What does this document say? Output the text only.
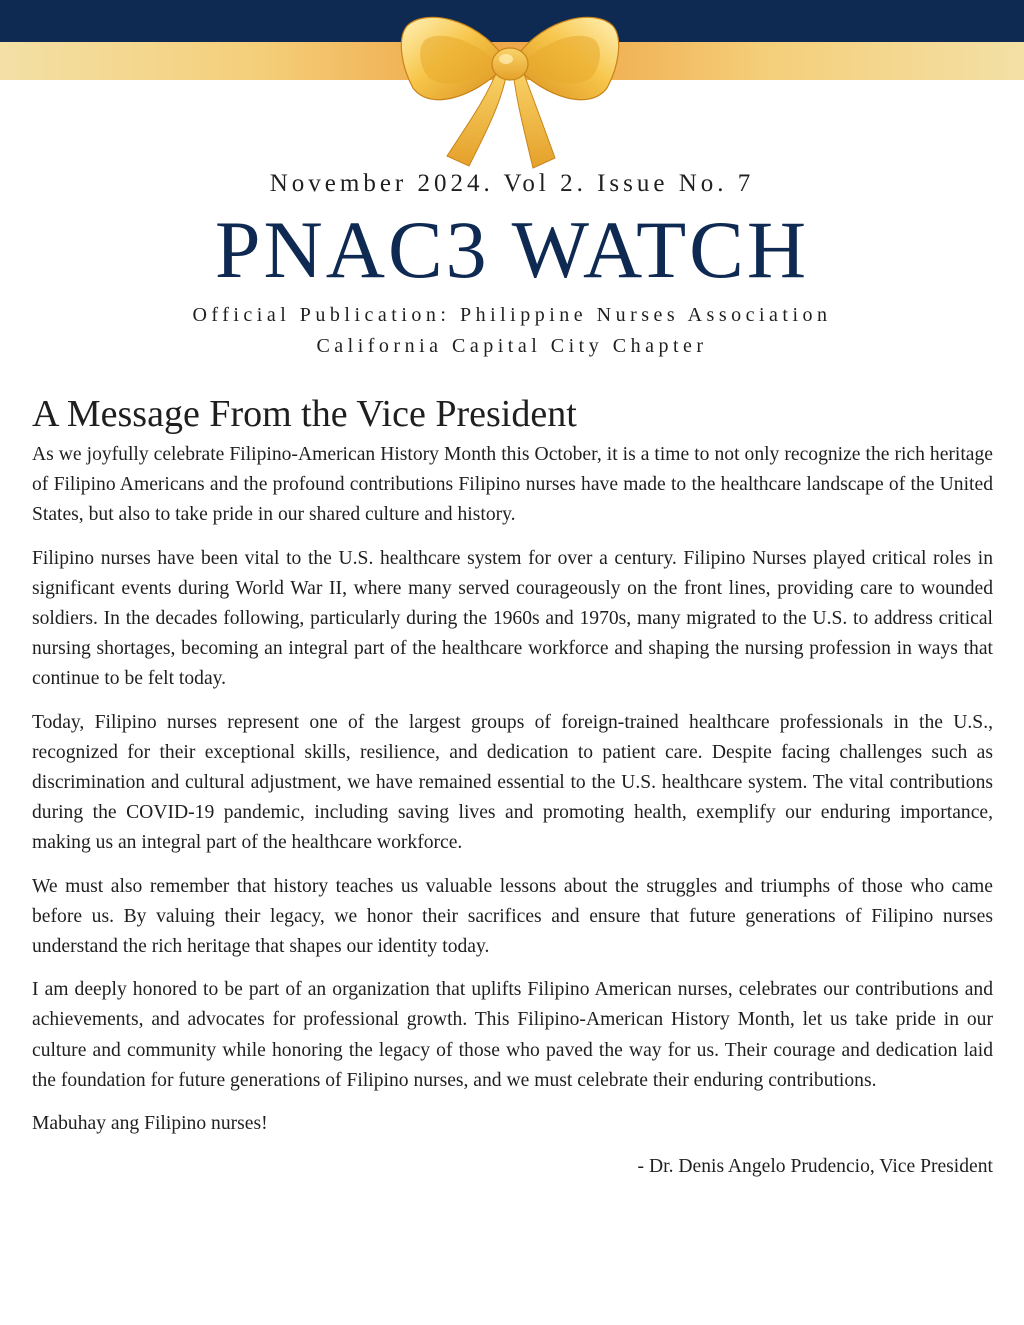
November 2024. Vol 2. Issue No. 7

PNAC3 WATCH

Official Publication: Philippine Nurses Association

California Capital City Chapter

A Message From the Vice President

As we joyfully celebrate Filipino-American History Month this October, it is a time to not only recognize the rich heritage of Filipino Americans and the profound contributions Filipino nurses have made to the healthcare landscape of the United States, but also to take pride in our shared culture and history.

Filipino nurses have been vital to the U.S. healthcare system for over a century. Filipino Nurses played critical roles in significant events during World War II, where many served courageously on the front lines, providing care to wounded soldiers. In the decades following, particularly during the 1960s and 1970s, many migrated to the U.S. to address critical nursing shortages, becoming an integral part of the healthcare workforce and shaping the nursing profession in ways that continue to be felt today.

Today, Filipino nurses represent one of the largest groups of foreign-trained healthcare professionals in the U.S., recognized for their exceptional skills, resilience, and dedication to patient care. Despite facing challenges such as discrimination and cultural adjustment, we have remained essential to the U.S. healthcare system. The vital contributions during the COVID-19 pandemic, including saving lives and promoting health, exemplify our enduring importance, making us an integral part of the healthcare workforce.

We must also remember that history teaches us valuable lessons about the struggles and triumphs of those who came before us. By valuing their legacy, we honor their sacrifices and ensure that future generations of Filipino nurses understand the rich heritage that shapes our identity today.

I am deeply honored to be part of an organization that uplifts Filipino American nurses, celebrates our contributions and achievements, and advocates for professional growth. This Filipino-American History Month, let us take pride in our culture and community while honoring the legacy of those who paved the way for us. Their courage and dedication laid the foundation for future generations of Filipino nurses, and we must celebrate their enduring contributions.

Mabuhay ang Filipino nurses!

- Dr. Denis Angelo Prudencio, Vice President
